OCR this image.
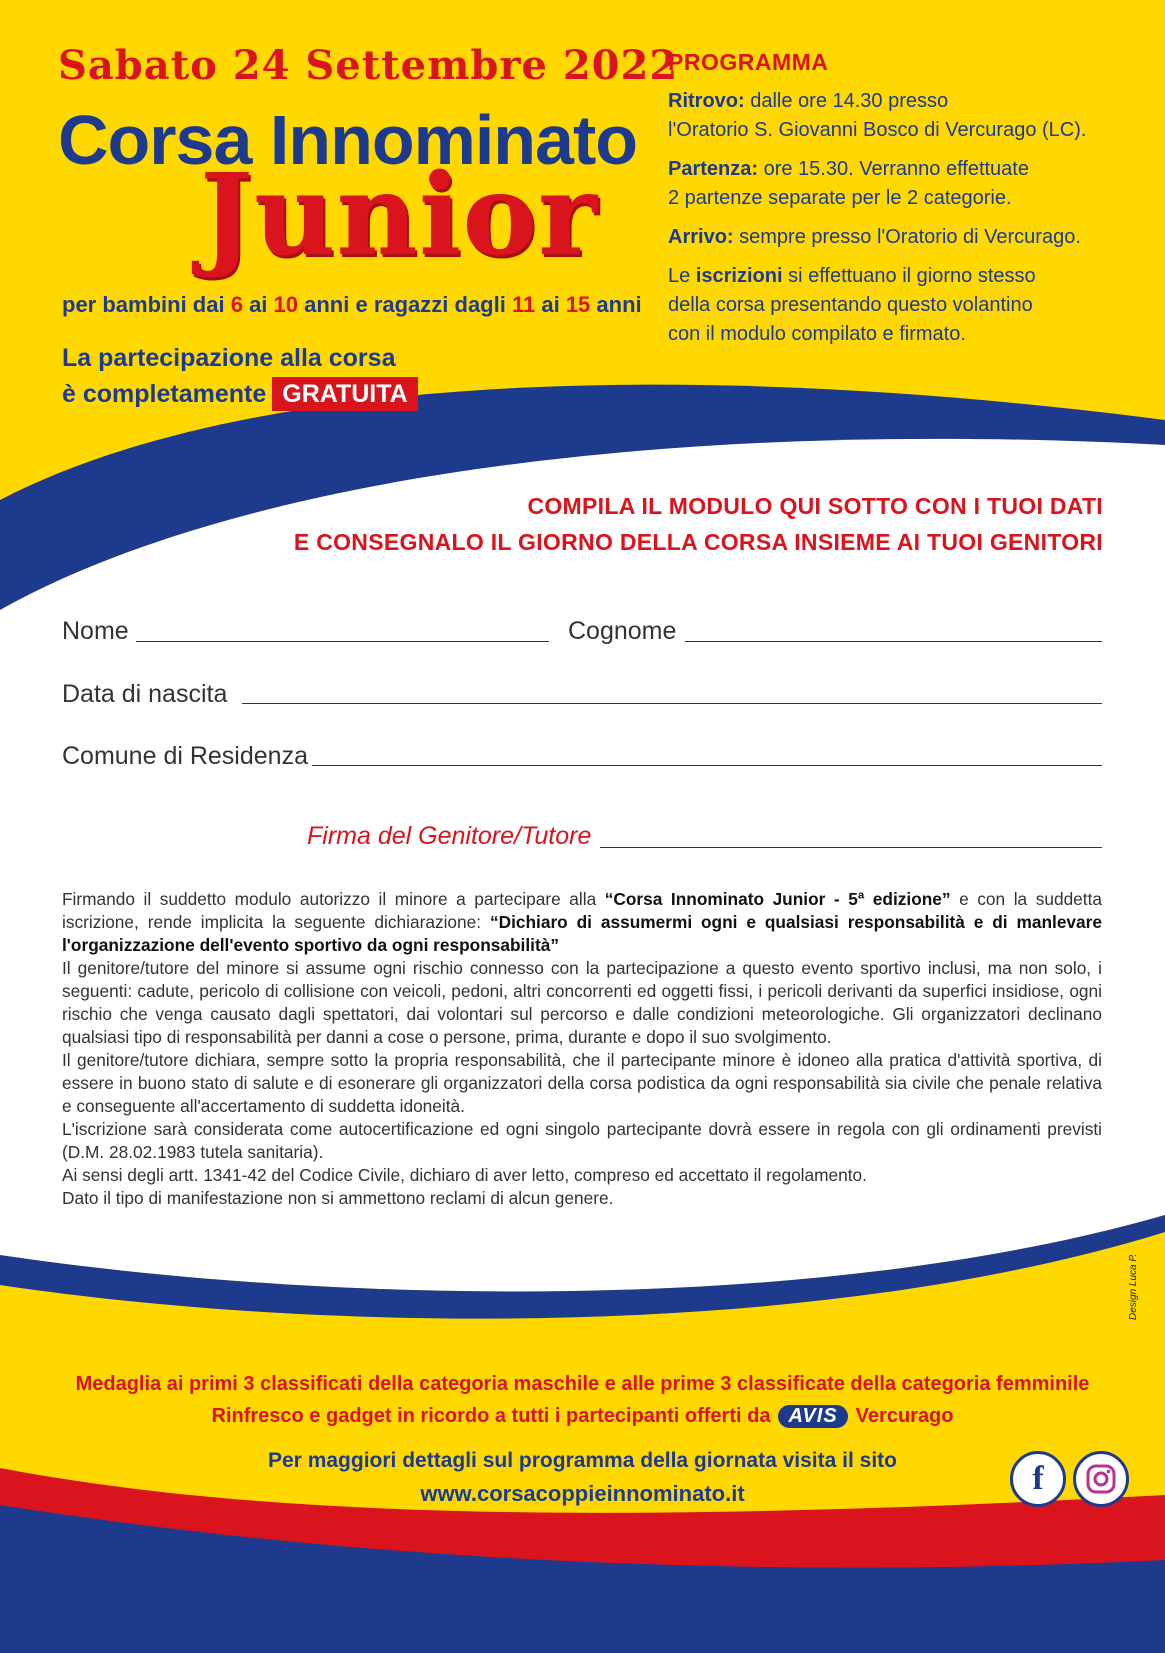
Sabato 24 Settembre 2022
Corsa Innominato
Junior
per bambini dai 6 ai 10 anni e ragazzi dagli 11 ai 15 anni
La partecipazione alla corsa
è completamente GRATUITA
PROGRAMMA

Ritrovo: dalle ore 14.30 presso
l'Oratorio S. Giovanni Bosco di Vercurago (LC).

Partenza: ore 15.30. Verranno effettuate
2 partenze separate per le 2 categorie.

Arrivo: sempre presso l'Oratorio di Vercurago.

Le iscrizioni si effettuano il giorno stesso
della corsa presentando questo volantino
con il modulo compilato e firmato.

COMPILA IL MODULO QUI SOTTO CON I TUOI DATI
E CONSEGNALO IL GIORNO DELLA CORSA INSIEME AI TUOI GENITORI
Nome	Cognome
Data di nascita
Comune di Residenza
Firma del Genitore/Tutore

Firmando il suddetto modulo autorizzo il minore a partecipare alla “Corsa Innominato Junior - 5ª edizione” e con la suddetta iscrizione, rende implicita la seguente dichiarazione: “Dichiaro di assumermi ogni e qualsiasi responsabilità e di manlevare l'organizzazione dell'evento sportivo da ogni responsabilità”

Il genitore/tutore del minore si assume ogni rischio connesso con la partecipazione a questo evento sportivo inclusi, ma non solo, i seguenti: cadute, pericolo di collisione con veicoli, pedoni, altri concorrenti ed oggetti fissi, i pericoli derivanti da superfici insidiose, ogni rischio che venga causato dagli spettatori, dai volontari sul percorso e dalle condizioni meteorologiche. Gli organizzatori declinano qualsiasi tipo di responsabilità per danni a cose o persone, prima, durante e dopo il suo svolgimento.

Il genitore/tutore dichiara, sempre sotto la propria responsabilità, che il partecipante minore è idoneo alla pratica d'attività sportiva, di essere in buono stato di salute e di esonerare gli organizzatori della corsa podistica da ogni responsabilità sia civile che penale relativa e conseguente all'accertamento di suddetta idoneità.

L'iscrizione sarà considerata come autocertificazione ed ogni singolo partecipante dovrà essere in regola con gli ordinamenti previsti (D.M. 28.02.1983 tutela sanitaria).

Ai sensi degli artt. 1341-42 del Codice Civile, dichiaro di aver letto, compreso ed accettato il regolamento.

Dato il tipo di manifestazione non si ammettono reclami di alcun genere.

Design Luca P.
Medaglia ai primi 3 classificati della categoria maschile e alle prime 3 classificate della categoria femminile
Rinfresco e gadget in ricordo a tutti i partecipanti offerti da AVIS Vercurago
Per maggiori dettagli sul programma della giornata visita il sito
www.corsacoppieinnominato.it	f
